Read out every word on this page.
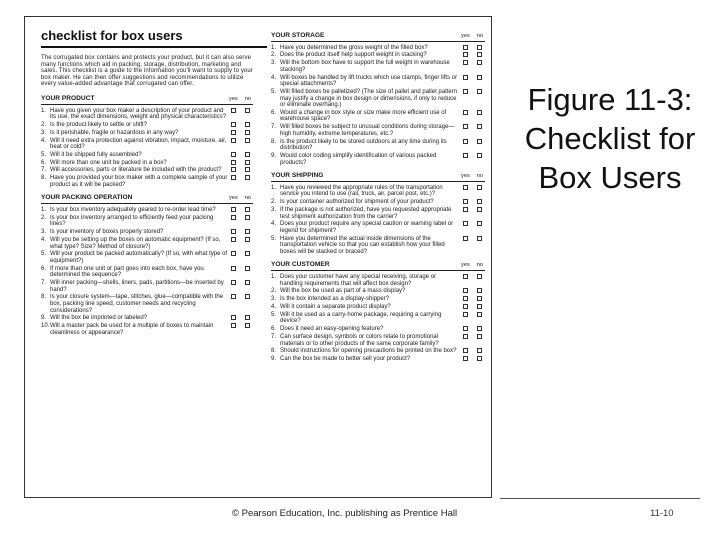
checklist for box users
The corrugated box contains and protects your product, but it can also serve many functions which aid in packing, storage, distribution, marketing and sales. This checklist is a guide to the information you'll want to supply to your box maker. He can then offer suggestions and recommendations to utilize every value-added advantage that corrugated can offer.
YOUR PRODUCT	yes no
1. Have you given your box maker a description of your product and its use, the exact dimensions, weight and physical characteristics?
2. Is the product likely to settle or shift?
3. Is it perishable, fragile or hazardous in any way?
4. Will it need extra protection against vibration, impact, moisture, air, heat or cold?
5. Will it be shipped fully assembled?
6. Will more than one unit be packed in a box?
7. Will accessories, parts or literature be included with the product?
8. Have you provided your box maker with a complete sample of your product as it will be packed?
YOUR PACKING OPERATION	yes no
1. Is your box inventory adequately geared to re-order lead time?
2. Is your box inventory arranged to efficiently feed your packing lines?
3. Is your inventory of boxes properly stored?
4. Will you be setting up the boxes on automatic equipment? (If so, what type? Size? Method of closure?)
5. Will your product be packed automatically? (If so, with what type of equipment?)
6. If more than one unit or part goes into each box, have you determined the sequence?
7. Will inner packing—shells, liners, pads, partitions—be inserted by hand?
8. Is your closure system—tape, stitches, glue—compatible with the box, packing line speed, customer needs and recycling considerations?
9. Will the box be imprinted or labeled?
10. Will a master pack be used for a multiple of boxes to maintain cleanliness or appearance?
YOUR STORAGE	yes no
1. Have you determined the gross weight of the filled box?
2. Does the product itself help support weight in stacking?
3. Will the bottom box have to support the full weight in warehouse stacking?
4. Will boxes be handled by lift trucks which use clamps, finger lifts or special attachments?
5. Will filled boxes be palletized? (The size of pallet and pallet pattern may justify a change in box design or dimensions, if only to reduce or eliminate overhang.)
6. Would a change in box style or size make more efficient use of warehouse space?
7. Will filled boxes be subject to unusual conditions during storage—high humidity, extreme temperatures, etc.?
8. Is the product likely to be stored outdoors at any time during its distribution?
9. Would color coding simplify identification of various packed products?
YOUR SHIPPING	yes no
1. Have you reviewed the appropriate rules of the transportation service you intend to use (rail, truck, air, parcel post, etc.)?
2. Is your container authorized for shipment of your product?
3. If the package is not authorized, have you requested appropriate test shipment authorization from the carrier?
4. Does your product require any special caution or warning label or legend for shipment?
5. Have you determined the actual inside dimensions of the transportation vehicle so that you can establish how your filled boxes will be stacked or braced?
YOUR CUSTOMER	yes no
1. Does your customer have any special receiving, storage or handling requirements that will affect box design?
2. Will the box be used as part of a mass display?
3. Is the box intended as a display-shipper?
4. Will it contain a separate product display?
5. Will it be used as a carry-home package, requiring a carrying device?
6. Does it need an easy-opening feature?
7. Can surface design, symbols or colors relate to promotional materials or to other products of the same corporate family?
8. Should instructions for opening precautions be printed on the box?
9. Can the box be made to better sell your product?
Figure 11-3: Checklist for Box Users
© Pearson Education, Inc. publishing as Prentice Hall	11-10
